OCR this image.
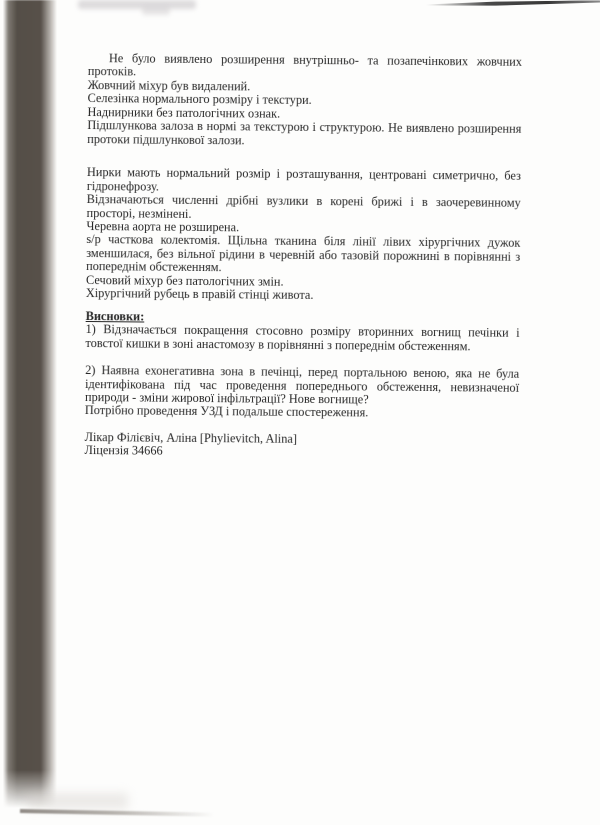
Не було виявлено розширення внутрішньо- та позапечінкових жовчних протоків.

Жовчний міхур був видалений.

Селезінка нормального розміру і текстури.

Наднирники без патологічних ознак.

Підшлункова залоза в нормі за текстурою і структурою. Не виявлено розширення протоки підшлункової залози.

Нирки мають нормальний розмір і розташування, центровані симетрично, без гідронефрозу.

Відзначаються численні дрібні вузлики в корені брижі і в заочеревинному просторі, незмінені.

Черевна аорта не розширена.

s/p часткова колектомія. Щільна тканина біля лінії лівих хірургічних дужок зменшилася, без вільної рідини в черевній або тазовій порожнині в порівнянні з попереднім обстеженням.

Сечовий міхур без патологічних змін.

Хірургічний рубець в правій стінці живота.

Висновки:

1) Відзначається покращення стосовно розміру вторинних вогнищ печінки і товстої кишки в зоні анастомозу в порівнянні з попереднім обстеженням.

2) Наявна ехонегативна зона в печінці, перед портальною веною, яка не була ідентифікована під час проведення попереднього обстеження, невизначеної природи - зміни жирової інфільтрації? Нове вогнище?

Потрібно проведення УЗД і подальше спостереження.

Лікар Філієвіч, Аліна [Phylievitch, Alina]

Ліцензія 34666
